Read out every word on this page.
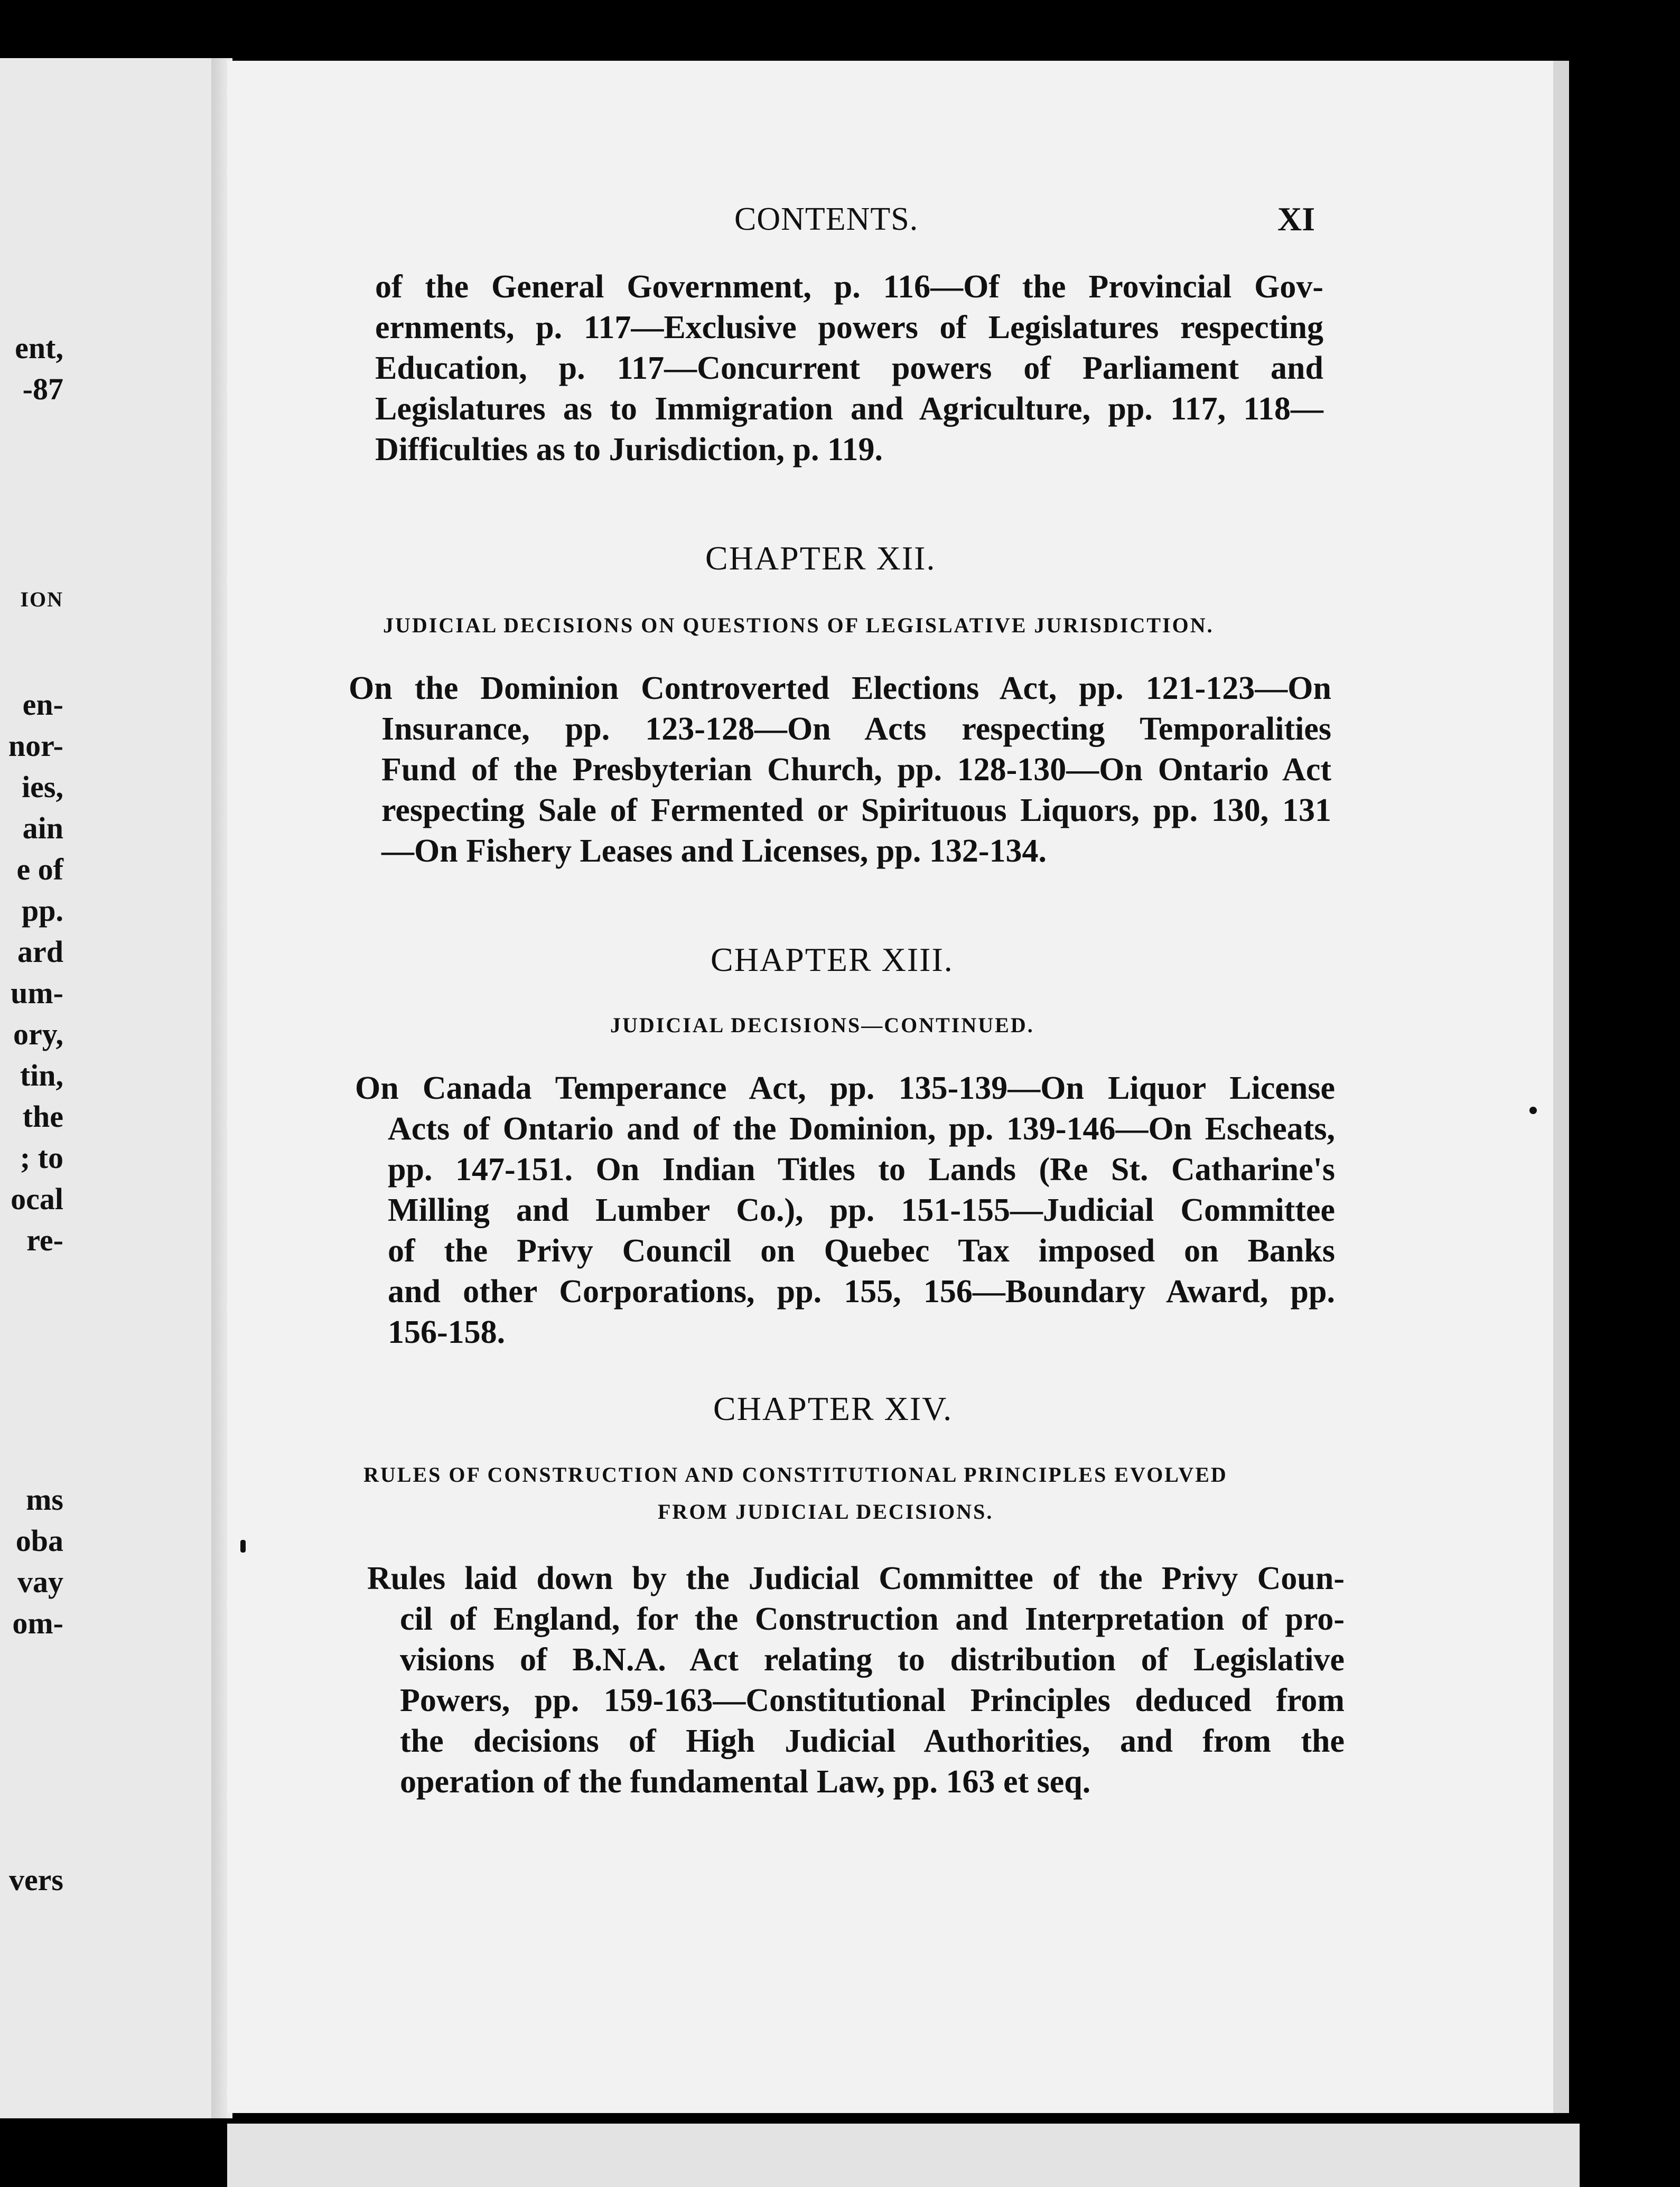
ent,
-87
ION
en-
nor-
ies,
ain
e of
pp.
ard
um-
ory,
tin,
the
; to
ocal
re-
ms
oba
vay
om-
vers
CONTENTS.	XI

of the General Government, p. 116—Of the Provincial Gov-

ernments, p. 117—Exclusive powers of Legislatures respecting

Education, p. 117—Concurrent powers of Parliament and

Legislatures as to Immigration and Agriculture, pp. 117, 118—

Difficulties as to Jurisdiction, p. 119.

CHAPTER XII.
JUDICIAL DECISIONS ON QUESTIONS OF LEGISLATIVE JURISDICTION.

On the Dominion Controverted Elections Act, pp. 121-123—On

Insurance, pp. 123-128—On Acts respecting Temporalities

Fund of the Presbyterian Church, pp. 128-130—On Ontario Act

respecting Sale of Fermented or Spirituous Liquors, pp. 130, 131

—On Fishery Leases and Licenses, pp. 132-134.

CHAPTER XIII.
JUDICIAL DECISIONS—CONTINUED.

On Canada Temperance Act, pp. 135-139—On Liquor License

Acts of Ontario and of the Dominion, pp. 139-146—On Escheats,

pp. 147-151. On Indian Titles to Lands (Re St. Catharine's

Milling and Lumber Co.), pp. 151-155—Judicial Committee

of the Privy Council on Quebec Tax imposed on Banks

and other Corporations, pp. 155, 156—Boundary Award, pp.

156-158.

CHAPTER XIV.
RULES OF CONSTRUCTION AND CONSTITUTIONAL PRINCIPLES EVOLVED
FROM JUDICIAL DECISIONS.

Rules laid down by the Judicial Committee of the Privy Coun-

cil of England, for the Construction and Interpretation of pro-

visions of B.N.A. Act relating to distribution of Legislative

Powers, pp. 159-163—Constitutional Principles deduced from

the decisions of High Judicial Authorities, and from the

operation of the fundamental Law, pp. 163 et seq.
